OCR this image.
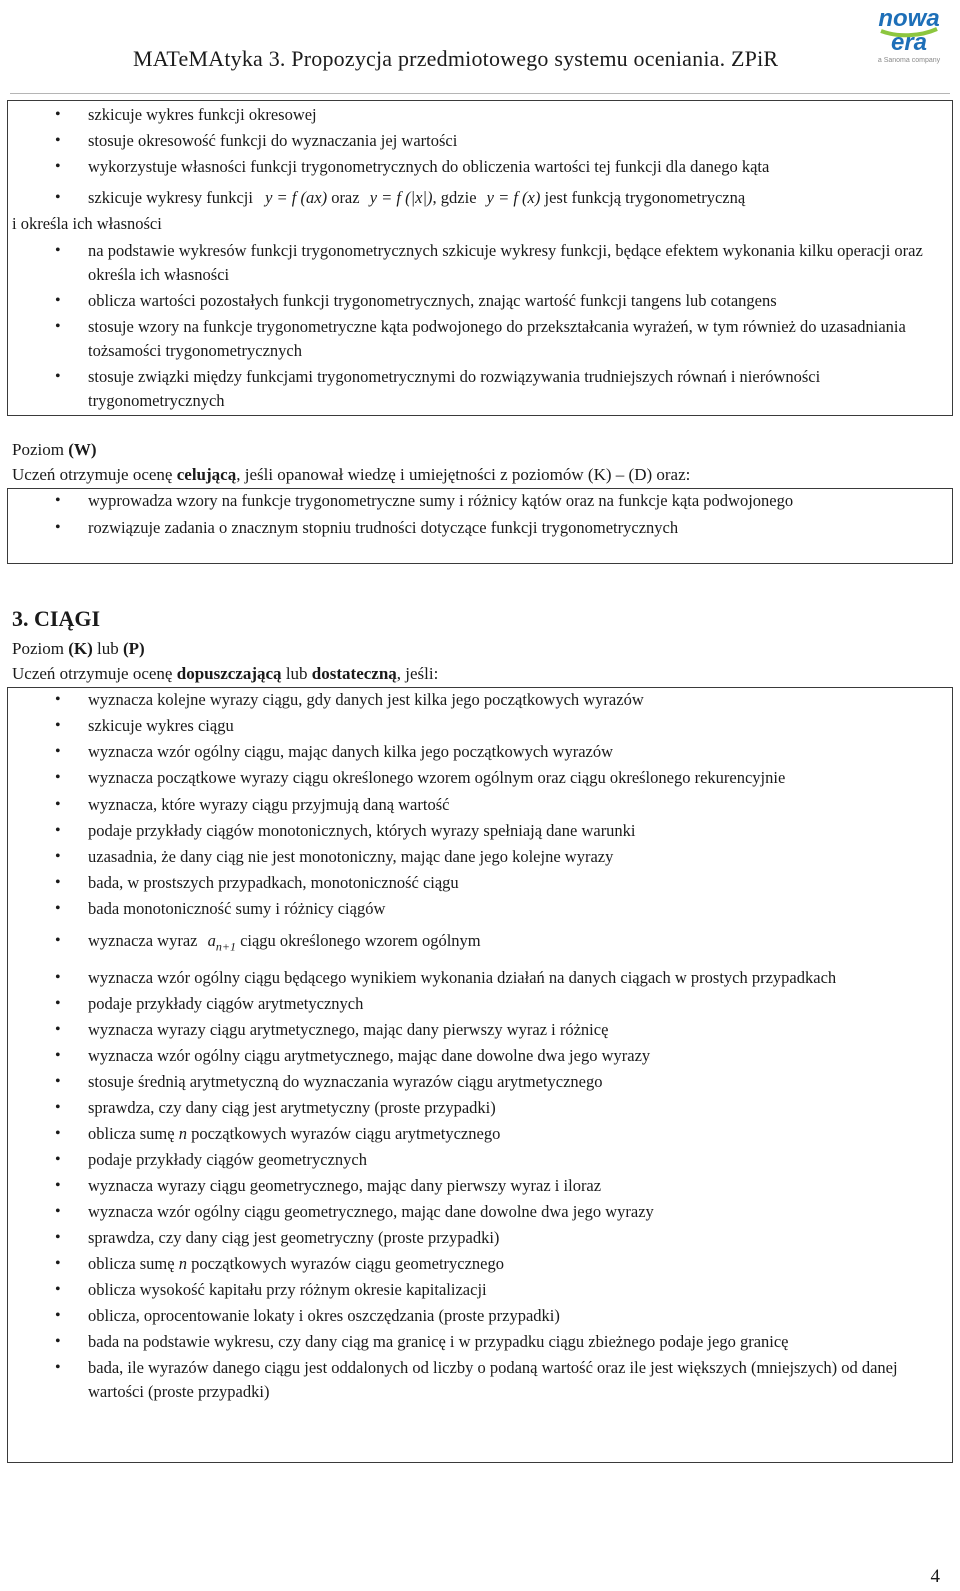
MATeMAtyka 3. Propozycja przedmiotowego systemu oceniania. ZPiR
nowa
era
a Sanoma company
• szkicuje wykres funkcji okresowej
• stosuje okresowość funkcji do wyznaczania jej wartości
• wykorzystuje własności funkcji trygonometrycznych do obliczenia wartości tej funkcji dla danego kąta
• szkicuje wykresy funkcji y = f (ax) oraz y = f (|x|), gdzie y = f (x) jest funkcją trygonometryczną
i określa ich własności
• na podstawie wykresów funkcji trygonometrycznych szkicuje wykresy funkcji, będące efektem wykonania kilku operacji oraz określa ich własności
• oblicza wartości pozostałych funkcji trygonometrycznych, znając wartość funkcji tangens lub cotangens
• stosuje wzory na funkcje trygonometryczne kąta podwojonego do przekształcania wyrażeń, w tym również do uzasadniania tożsamości trygonometrycznych
• stosuje związki między funkcjami trygonometrycznymi do rozwiązywania trudniejszych równań i nierówności trygonometrycznych
Poziom (W)
Uczeń otrzymuje ocenę celującą, jeśli opanował wiedzę i umiejętności z poziomów (K) – (D) oraz:
• wyprowadza wzory na funkcje trygonometryczne sumy i różnicy kątów oraz na funkcje kąta podwojonego
• rozwiązuje zadania o znacznym stopniu trudności dotyczące funkcji trygonometrycznych
3. CIĄGI
Poziom (K) lub (P)
Uczeń otrzymuje ocenę dopuszczającą lub dostateczną, jeśli:
• wyznacza kolejne wyrazy ciągu, gdy danych jest kilka jego początkowych wyrazów
• szkicuje wykres ciągu
• wyznacza wzór ogólny ciągu, mając danych kilka jego początkowych wyrazów
• wyznacza początkowe wyrazy ciągu określonego wzorem ogólnym oraz ciągu określonego rekurencyjnie
• wyznacza, które wyrazy ciągu przyjmują daną wartość
• podaje przykłady ciągów monotonicznych, których wyrazy spełniają dane warunki
• uzasadnia, że dany ciąg nie jest monotoniczny, mając dane jego kolejne wyrazy
• bada, w prostszych przypadkach, monotoniczność ciągu
• bada monotoniczność sumy i różnicy ciągów
• wyznacza wyraz $a_{n+1}$ ciągu określonego wzorem ogólnym
• wyznacza wzór ogólny ciągu będącego wynikiem wykonania działań na danych ciągach w prostych przypadkach
• podaje przykłady ciągów arytmetycznych
• wyznacza wyrazy ciągu arytmetycznego, mając dany pierwszy wyraz i różnicę
• wyznacza wzór ogólny ciągu arytmetycznego, mając dane dowolne dwa jego wyrazy
• stosuje średnią arytmetyczną do wyznaczania wyrazów ciągu arytmetycznego
• sprawdza, czy dany ciąg jest arytmetyczny (proste przypadki)
• oblicza sumę n początkowych wyrazów ciągu arytmetycznego
• podaje przykłady ciągów geometrycznych
• wyznacza wyrazy ciągu geometrycznego, mając dany pierwszy wyraz i iloraz
• wyznacza wzór ogólny ciągu geometrycznego, mając dane dowolne dwa jego wyrazy
• sprawdza, czy dany ciąg jest geometryczny (proste przypadki)
• oblicza sumę n początkowych wyrazów ciągu geometrycznego
• oblicza wysokość kapitału przy różnym okresie kapitalizacji
• oblicza, oprocentowanie lokaty i okres oszczędzania (proste przypadki)
• bada na podstawie wykresu, czy dany ciąg ma granicę i w przypadku ciągu zbieżnego podaje jego granicę
• bada, ile wyrazów danego ciągu jest oddalonych od liczby o podaną wartość oraz ile jest większych (mniejszych) od danej wartości (proste przypadki)
4
